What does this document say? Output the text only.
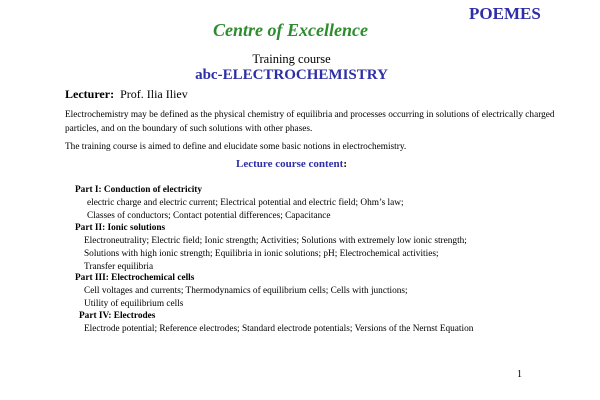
POEMES
Centre of Excellence
Training course
abc-ELECTROCHEMISTRY
Lecturer: Prof. Ilia Iliev
Electrochemistry may be defined as the physical chemistry of equilibria and processes occurring in solutions of electrically charged particles, and on the boundary of such solutions with other phases.
The training course is aimed to define and elucidate some basic notions in electrochemistry.
Lecture course content:
Part I: Conduction of electricity
electric charge and electric current; Electrical potential and electric field; Ohm’s law;
Classes of conductors; Contact potential differences; Capacitance
Part II: Ionic solutions
Electroneutrality; Electric field; Ionic strength; Activities; Solutions with extremely low ionic strength;
Solutions with high ionic strength; Equilibria in ionic solutions; pH; Electrochemical activities;
Transfer equilibria
Part III: Electrochemical cells
Cell voltages and currents; Thermodynamics of equilibrium cells; Cells with junctions;
Utility of equilibrium cells
Part IV: Electrodes
Electrode potential; Reference electrodes; Standard electrode potentials; Versions of the Nernst Equation
1
